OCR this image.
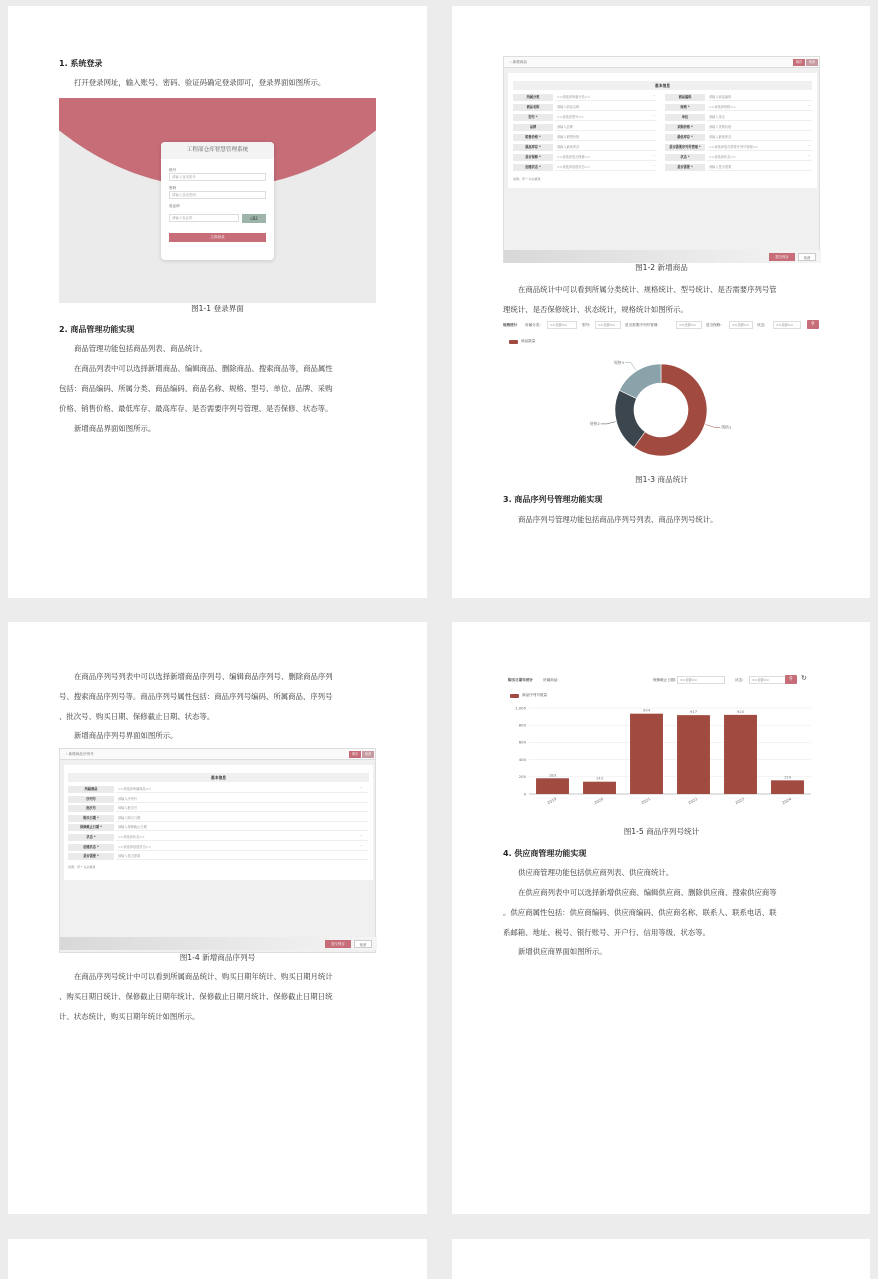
1. 系统登录
打开登录网址，输入账号、密码、验证码确定登录即可，登录界面如图所示。
工程部仓库智慧管理系统
账号
请输入登录账号
密码
请输入登录密码
验证码
请输入验证码	cB2
立即登录
图1-1 登录界面
2. 商品管理功能实现
商品管理功能包括商品列表、商品统计。
在商品列表中可以选择新增商品、编辑商品、删除商品、搜索商品等，商品属性
包括：商品编码、所属分类、商品编码、商品名称、规格、型号、单位、品牌、采购
价格、销售价格、最低库存、最高库存、是否需要序列号管理、是否保修、状态等。
新增商品界面如图所示。
‹ 新增商品	保存	取消
基本信息
所属分类	==请选择所属分类==	商品编码	请输入商品编码
⌄
商品名称	请输入商品名称	规格 *	==请选择规格==	⌄
型号 *	==请选择型号==	单位	请输入单位
⌄
品牌	请输入品牌	采购价格 *	请输入采购价格
销售价格 *	请输入销售价格	最低库存 *	请输入最低库存
最高库存 *	请输入最高库存	是否需要序列号管理 *	==请选择是否需要序列号管理==	⌄
是否保修 *	==请选择是否保修==	状态 *	==请选择状态==
⌄	⌄
创建状态 *	==请选择创建状态==	是否需要 *	请输入是否需要
⌄
说明：带 * 为必填项
提交保存	取消
图1-2 新增商品
在商品统计中可以看到所属分类统计、规格统计、型号统计、是否需要序列号管
理统计、是否保修统计、状态统计，规格统计如图所示。
规格统计 所属分类:	==全部==	型号:	==全部==	是否需要序列号管理:	==全部==	是否保修:	==全部==	状态:	==全部==	⚲
商品数量
规格1
规格2
规格3
图1-3 商品统计
3. 商品序列号管理功能实现
商品序列号管理功能包括商品序列号列表、商品序列号统计。
在商品序列号列表中可以选择新增商品序列号、编辑商品序列号、删除商品序列
号、搜索商品序列号等。商品序列号属性包括：商品序列号编码、所属商品、序列号
、批次号、购买日期、保修截止日期、状态等。
新增商品序列号界面如图所示。
‹ 新增商品序列号	保存	取消
基本信息
所属商品	==请选择所属商品==	⌄
序列号	请输入序列号
批次号	请输入批次号
购买日期 *	请输入购买日期
保修截止日期 *	请输入保修截止日期
状态 *	==请选择状态==	⌄
创建状态 *	==请选择创建状态==	⌄
是否需要 *	请输入是否需要
说明：带 * 为必填项
提交保存	取消
图1-4 新增商品序列号
在商品序列号统计中可以看到所属商品统计、购买日期年统计、购买日期月统计
、购买日期日统计、保修截止日期年统计、保修截止日期月统计、保修截止日期日统
计、状态统计，购买日期年统计如图所示。
购买日期年统计	所属商品:	保修截止日期:	==全部==	状态:	==全部==	⚲	↻
商品序列号数量
0
200
400
600
800
1,000
183
2019
143
2020
934
2021
917
2022
920
2023
159
2024
图1-5 商品序列号统计
4. 供应商管理功能实现
供应商管理功能包括供应商列表、供应商统计。
在供应商列表中可以选择新增供应商、编辑供应商、删除供应商、搜索供应商等
。供应商属性包括：供应商编码、供应商编码、供应商名称、联系人、联系电话、联
系邮箱、地址、税号、银行账号、开户行、信用等级、状态等。
新增供应商界面如图所示。
